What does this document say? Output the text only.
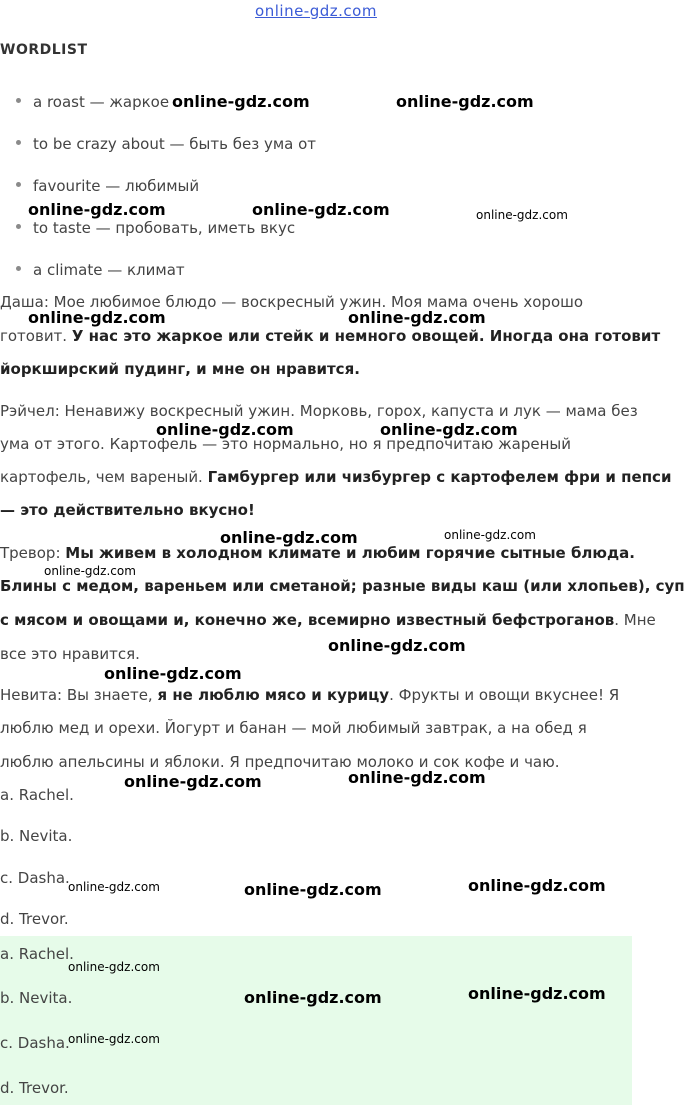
online-gdz.com
WORDLIST
a roast — жаркое
to be crazy about — быть без ума от
favourite — любимый
to taste — пробовать, иметь вкус
a climate — климат
Даша: Мое любимое блюдо — воскресный ужин. Моя мама очень хорошо
готовит. У нас это жаркое или стейк и немного овощей. Иногда она готовит
йоркширский пудинг, и мне он нравится.
Рэйчел: Ненавижу воскресный ужин. Морковь, горох, капуста и лук — мама без
ума от этого. Картофель — это нормально, но я предпочитаю жареный
картофель, чем вареный. Гамбургер или чизбургер с картофелем фри и пепси
— это действительно вкусно!
Тревор: Мы живем в холодном климате и любим горячие сытные блюда.
Блины с медом, вареньем или сметаной; разные виды каш (или хлопьев), суп
с мясом и овощами и, конечно же, всемирно известный бефстроганов. Мне
все это нравится.
Невита: Вы знаете, я не люблю мясо и курицу. Фрукты и овощи вкуснее! Я
люблю мед и орехи. Йогурт и банан — мой любимый завтрак, а на обед я
люблю апельсины и яблоки. Я предпочитаю молоко и сок кофе и чаю.
a. Rachel.
b. Nevita.
c. Dasha.
d. Trevor.
a. Rachel.
b. Nevita.
c. Dasha.
d. Trevor.
online-gdz.com	online-gdz.com
online-gdz.com	online-gdz.com	online-gdz.com
online-gdz.com	online-gdz.com
online-gdz.com	online-gdz.com
online-gdz.com	online-gdz.com
online-gdz.com
online-gdz.com
online-gdz.com
online-gdz.com
online-gdz.com
online-gdz.com	online-gdz.com	online-gdz.com
online-gdz.com
online-gdz.com	online-gdz.com
online-gdz.com
